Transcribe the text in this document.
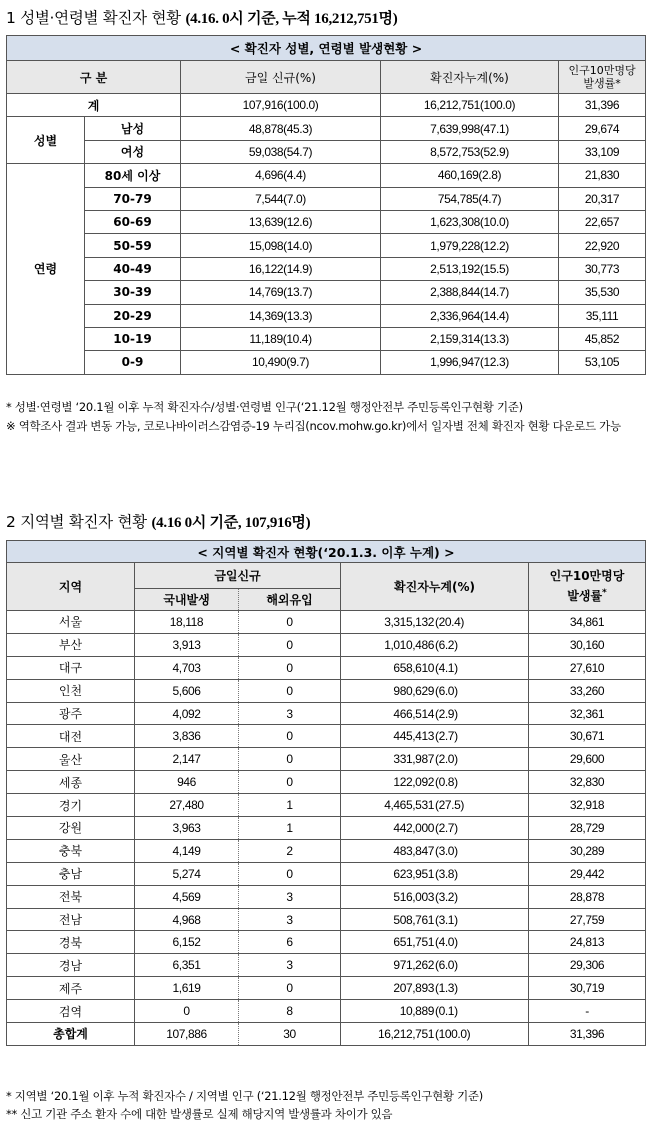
1 성별·연령별 확진자 현황 (4.16. 0시 기준, 누적 16,212,751명)
< 확진자 성별, 연령별 발생현황 >				
구 분		금일 신규(%)	확진자누계(%)	인구10만명당
발생률*

계		107,916(100.0)	16,212,751(100.0)	31,396
성별	남성	48,878(45.3)	7,639,998(47.1)	29,674
	여성	59,038(54.7)	8,572,753(52.9)	33,109
연령	80세 이상	4,696(4.4)	460,169(2.8)	21,830
	70-79	7,544(7.0)	754,785(4.7)	20,317
	60-69	13,639(12.6)	1,623,308(10.0)	22,657
	50-59	15,098(14.0)	1,979,228(12.2)	22,920
	40-49	16,122(14.9)	2,513,192(15.5)	30,773
	30-39	14,769(13.7)	2,388,844(14.7)	35,530
	20-29	14,369(13.3)	2,336,964(14.4)	35,111
	10-19	11,189(10.4)	2,159,314(13.3)	45,852
	0-9	10,490(9.7)	1,996,947(12.3)	53,105
* 성별·연령별 ‘20.1월 이후 누적 확진자수/성별·연령별 인구(‘21.12월 행정안전부 주민등록인구현황 기준)
※ 역학조사 결과 변동 가능, 코로나바이러스감염증-19 누리집(ncov.mohw.go.kr)에서 일자별 전체 확진자 현황 다운로드 가능
2 지역별 확진자 현황 (4.16 0시 기준, 107,916명)
< 지역별 확진자 현황(‘20.1.3. 이후 누계) >				
지역	금일신규		확진자누계(%)	인구10만명당
발생률*

	국내발생	해외유입		
서울	18,118	0	3,315,132 (20.4)	34,861
부산	3,913	0	1,010,486 (6.2)	30,160
대구	4,703	0	658,610 (4.1)	27,610
인천	5,606	0	980,629 (6.0)	33,260
광주	4,092	3	466,514 (2.9)	32,361
대전	3,836	0	445,413 (2.7)	30,671
울산	2,147	0	331,987 (2.0)	29,600
세종	946	0	122,092 (0.8)	32,830
경기	27,480	1	4,465,531 (27.5)	32,918
강원	3,963	1	442,000 (2.7)	28,729
충북	4,149	2	483,847 (3.0)	30,289
충남	5,274	0	623,951 (3.8)	29,442
전북	4,569	3	516,003 (3.2)	28,878
전남	4,968	3	508,761 (3.1)	27,759
경북	6,152	6	651,751 (4.0)	24,813
경남	6,351	3	971,262 (6.0)	29,306
제주	1,619	0	207,893 (1.3)	30,719
검역	0	8	10,889 (0.1)	-
총합계	107,886	30	16,212,751 (100.0)	31,396
* 지역별 ‘20.1월 이후 누적 확진자수 / 지역별 인구 (‘21.12월 행정안전부 주민등록인구현황 기준)
** 신고 기관 주소 환자 수에 대한 발생률로 실제 해당지역 발생률과 차이가 있음
